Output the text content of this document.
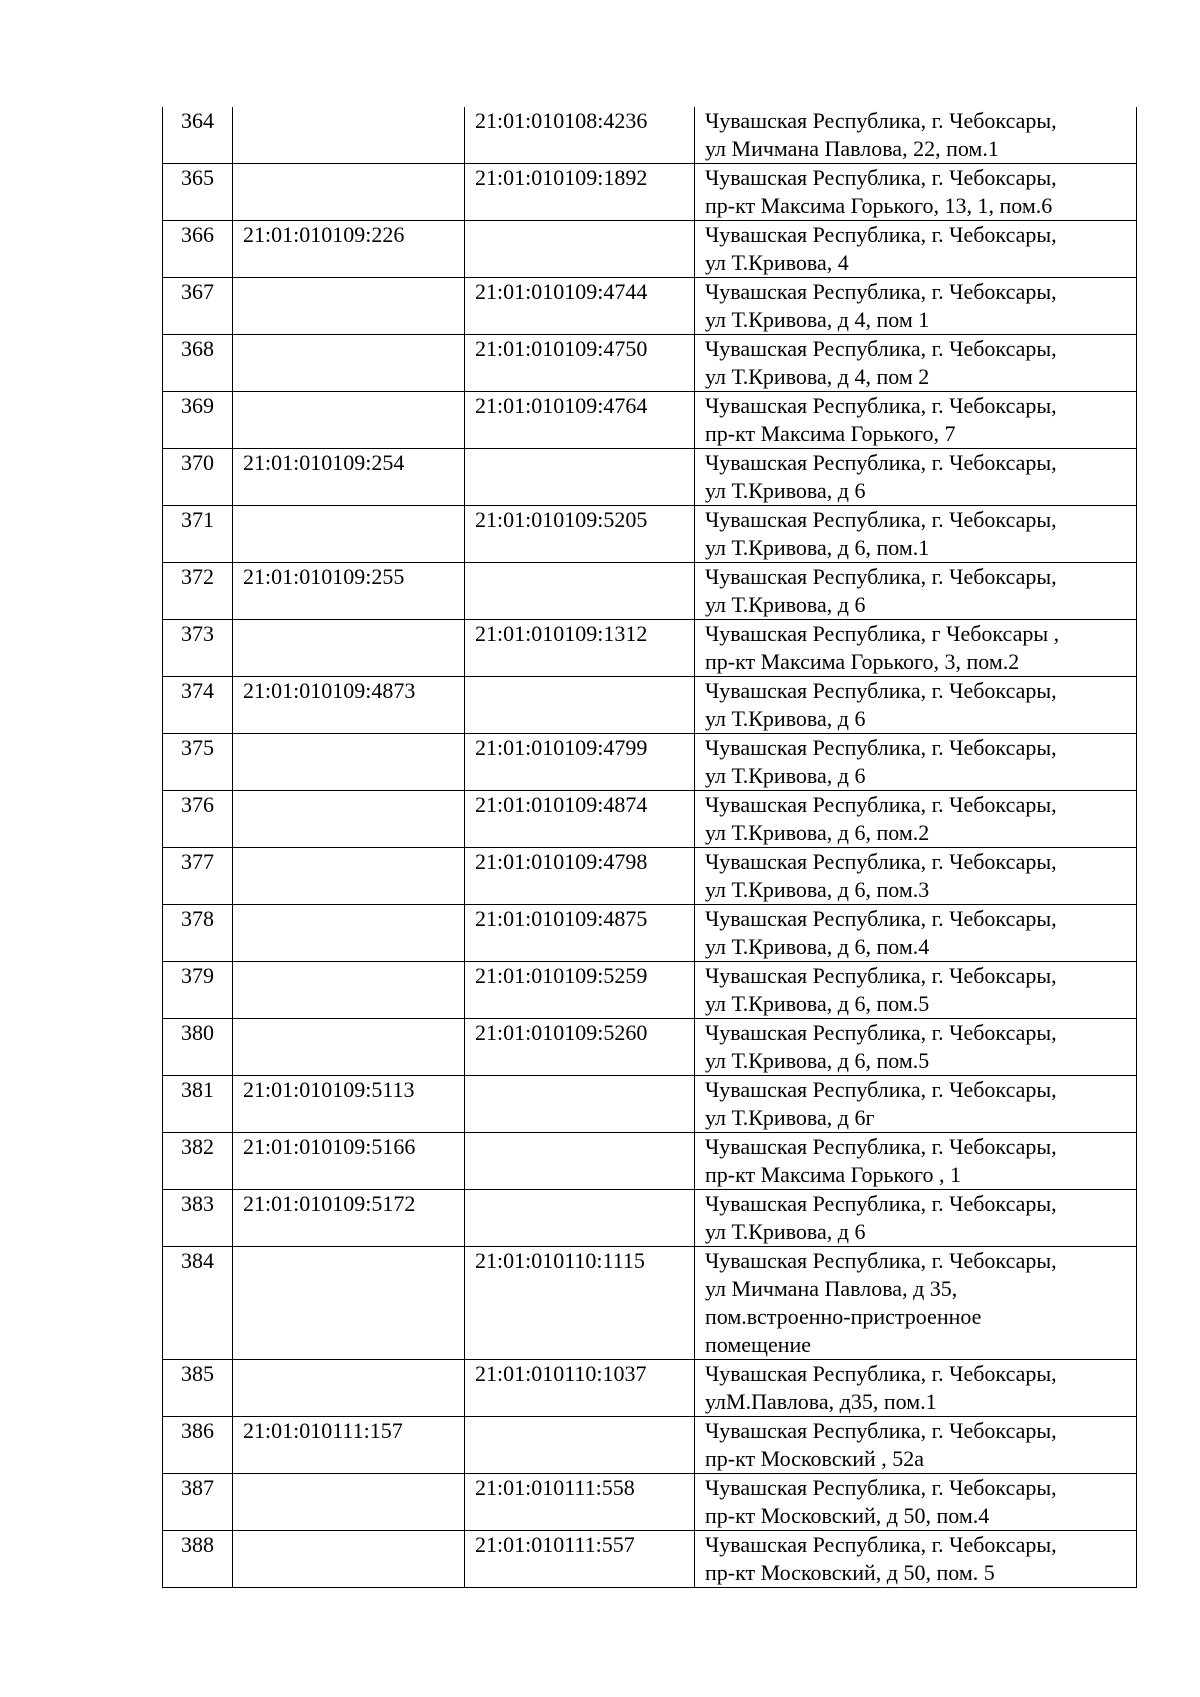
364		21:01:010108:4236	Чувашская Республика, г. Чебоксары,
ул Мичмана Павлова, 22, пом.1

365		21:01:010109:1892	Чувашская Республика, г. Чебоксары,
пр-кт Максима Горького, 13, 1, пом.6

366	21:01:010109:226		Чувашская Республика, г. Чебоксары,
ул Т.Кривова, 4

367		21:01:010109:4744	Чувашская Республика, г. Чебоксары,
ул Т.Кривова, д 4, пом 1

368		21:01:010109:4750	Чувашская Республика, г. Чебоксары,
ул Т.Кривова, д 4, пом 2

369		21:01:010109:4764	Чувашская Республика, г. Чебоксары,
пр-кт Максима Горького, 7

370	21:01:010109:254		Чувашская Республика, г. Чебоксары,
ул Т.Кривова, д 6

371		21:01:010109:5205	Чувашская Республика, г. Чебоксары,
ул Т.Кривова, д 6, пом.1

372	21:01:010109:255		Чувашская Республика, г. Чебоксары,
ул Т.Кривова, д 6

373		21:01:010109:1312	Чувашская Республика, г Чебоксары ,
пр-кт Максима Горького, 3, пом.2

374	21:01:010109:4873		Чувашская Республика, г. Чебоксары,
ул Т.Кривова, д 6

375		21:01:010109:4799	Чувашская Республика, г. Чебоксары,
ул Т.Кривова, д 6

376		21:01:010109:4874	Чувашская Республика, г. Чебоксары,
ул Т.Кривова, д 6, пом.2

377		21:01:010109:4798	Чувашская Республика, г. Чебоксары,
ул Т.Кривова, д 6, пом.3

378		21:01:010109:4875	Чувашская Республика, г. Чебоксары,
ул Т.Кривова, д 6, пом.4

379		21:01:010109:5259	Чувашская Республика, г. Чебоксары,
ул Т.Кривова, д 6, пом.5

380		21:01:010109:5260	Чувашская Республика, г. Чебоксары,
ул Т.Кривова, д 6, пом.5

381	21:01:010109:5113		Чувашская Республика, г. Чебоксары,
ул Т.Кривова, д 6г

382	21:01:010109:5166		Чувашская Республика, г. Чебоксары,
пр-кт Максима Горького , 1

383	21:01:010109:5172		Чувашская Республика, г. Чебоксары,
ул Т.Кривова, д 6

384		21:01:010110:1115	Чувашская Республика, г. Чебоксары,
ул Мичмана Павлова, д 35,
пом.встроенно-пристроенное
помещение

385		21:01:010110:1037	Чувашская Республика, г. Чебоксары,
улМ.Павлова, д35, пом.1

386	21:01:010111:157		Чувашская Республика, г. Чебоксары,
пр-кт Московский , 52а

387		21:01:010111:558	Чувашская Республика, г. Чебоксары,
пр-кт Московский, д 50, пом.4

388		21:01:010111:557	Чувашская Республика, г. Чебоксары,
пр-кт Московский, д 50, пом. 5
